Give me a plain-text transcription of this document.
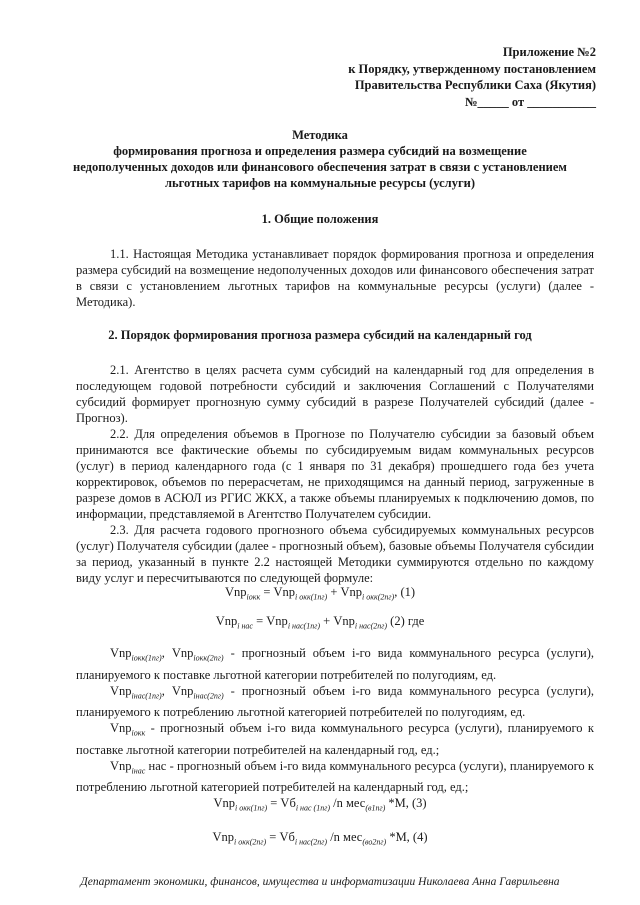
Приложение №2
к Порядку, утвержденному постановлением
Правительства Республики Саха (Якутия)
№_____ от ___________
Методика
формирования прогноза и определения размера субсидий на возмещение
недополученных доходов или финансового обеспечения затрат в связи с установлением
льготных тарифов на коммунальные ресурсы (услуги)
1. Общие положения

1.1. Настоящая Методика устанавливает порядок формирования прогноза и определения размера субсидий на возмещение недополученных доходов или финансового обеспечения затрат в связи с установлением льготных тарифов на коммунальные ресурсы (услуги) (далее - Методика).

2. Порядок формирования прогноза размера субсидий на календарный год

2.1. Агентство в целях расчета сумм субсидий на календарный год для определения в последующем годовой потребности субсидий и заключения Соглашений с Получателями субсидий формирует прогнозную сумму субсидий в разрезе Получателей субсидий (далее - Прогноз).

2.2. Для определения объемов в Прогнозе по Получателю субсидии за базовый объем принимаются все фактические объемы по субсидируемым видам коммунальных ресурсов (услуг) в период календарного года (с 1 января по 31 декабря) прошедшего года без учета корректировок, объемов по перерасчетам, не приходящимся на данный период, загруженные в разрезе домов в АСЮЛ из РГИС ЖКХ, а также объемы планируемых к подключению домов, по информации, представляемой в Агентство Получателем субсидии.

2.3. Для расчета годового прогнозного объема субсидируемых коммунальных ресурсов (услуг) Получателя субсидии (далее - прогнозный объем), базовые объемы Получателя субсидии за период, указанный в пункте 2.2 настоящей Методики суммируются отдельно по каждому виду услуг и пересчитываются по следующей формуле:

Vnp$_{iокк}$ = Vnp$_{i окк(1пг)}$ + Vnp$_{i окк(2пг)}$, (1)
Vnp$_{i нас}$ = Vnp$_{i нас(1пг)}$ + Vnp$_{i нас(2пг)}$ (2) где

Vnp$_{iокк(1пг)}$, Vnp$_{iокк(2пг)}$ - прогнозный объем i-го вида коммунального ресурса (услуги), планируемого к поставке льготной категории потребителей по полугодиям, ед.

Vnp$_{iнас(1пг)}$, Vnp$_{iнас(2пг)}$ - прогнозный объем i-го вида коммунального ресурса (услуги), планируемого к потреблению льготной категорией потребителей по полугодиям, ед.

Vnp$_{iокк}$ - прогнозный объем i-го вида коммунального ресурса (услуги), планируемого к поставке льготной категории потребителей на календарный год, ед.;

Vnp$_{iнас}$ нас - прогнозный объем i-го вида коммунального ресурса (услуги), планируемого к потреблению льготной категорией потребителей на календарный год, ед.;

$Vnp_{i окк(1пг)} = Vб_{i нас (1пг)}$ /n мес$_{(в1пг)}$ *М, (3)
$Vnp_{i окк(2пг)} = Vб_{i нас(2пг)}$ /n мес$_{(во2пг)}$ *М, (4)
Департамент экономики, финансов, имущества и информатизации Николаева Анна Гаврильевна
